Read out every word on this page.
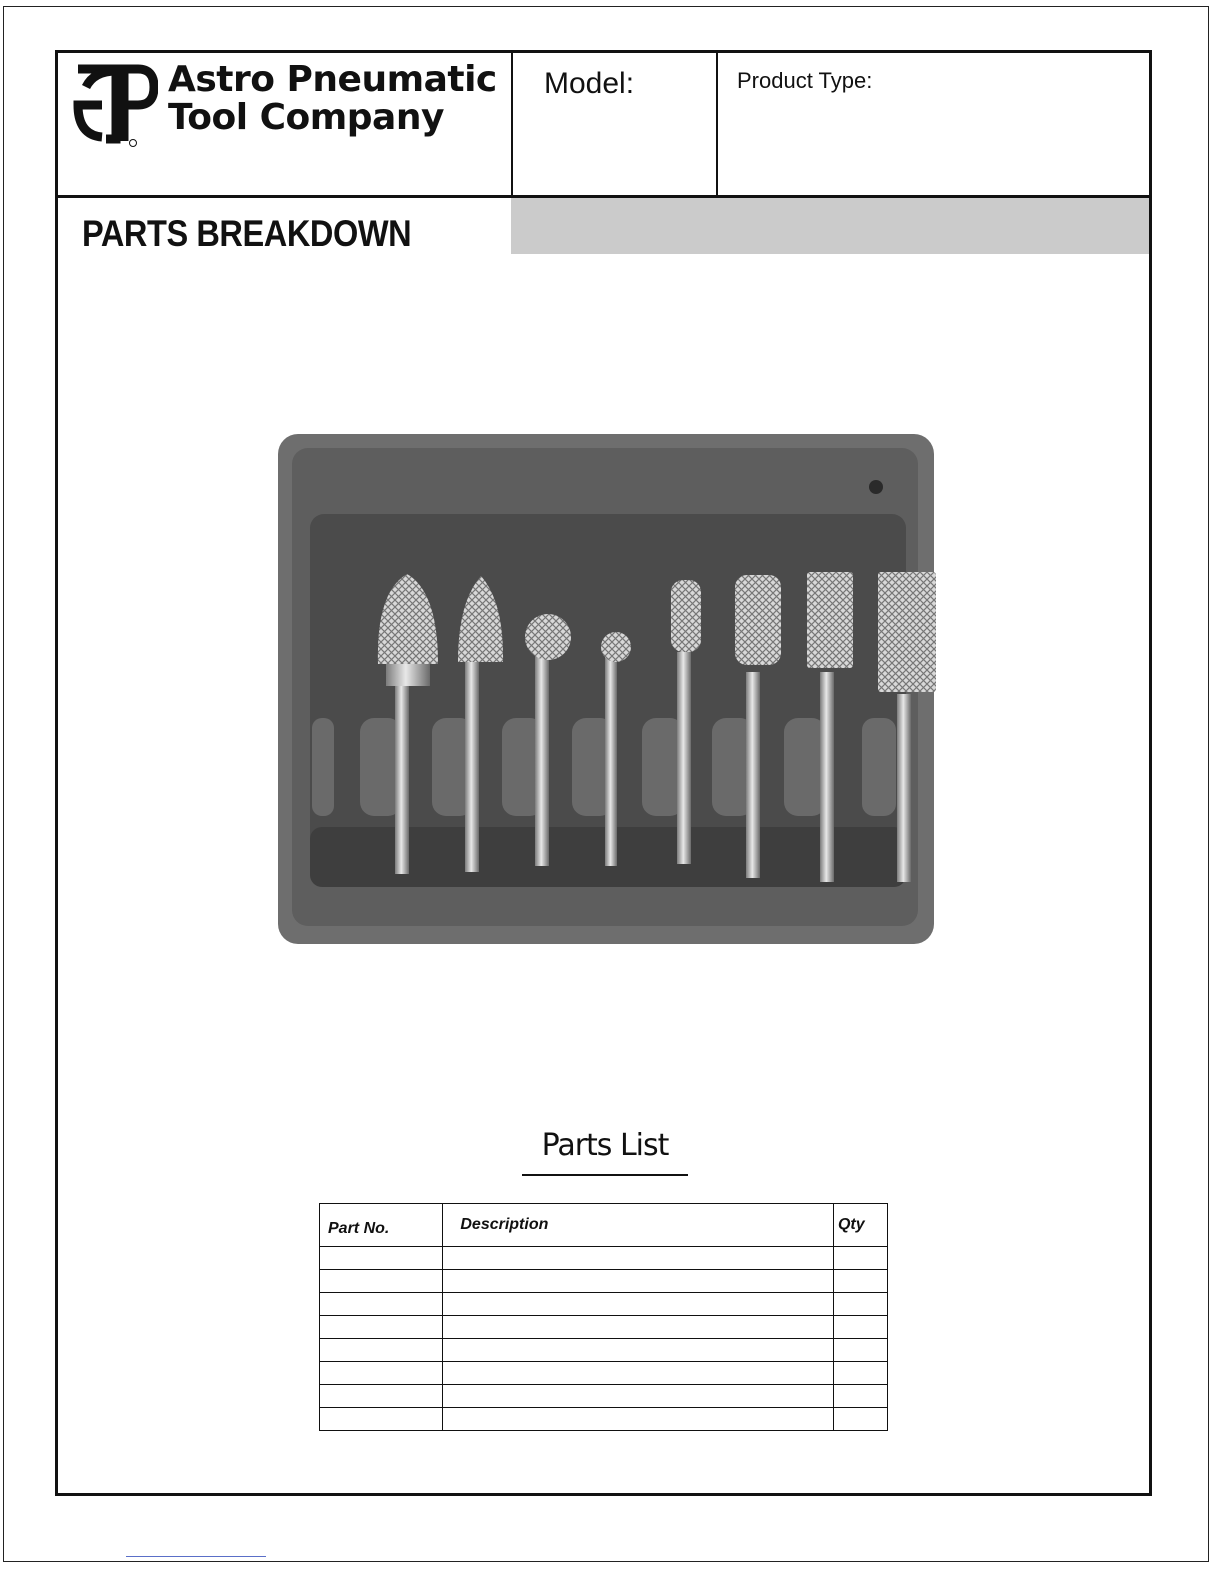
Astro Pneumatic
Tool Company
Model:	Product Type:
PARTS BREAKDOWN
Parts List
Part No.	Description	Qty
